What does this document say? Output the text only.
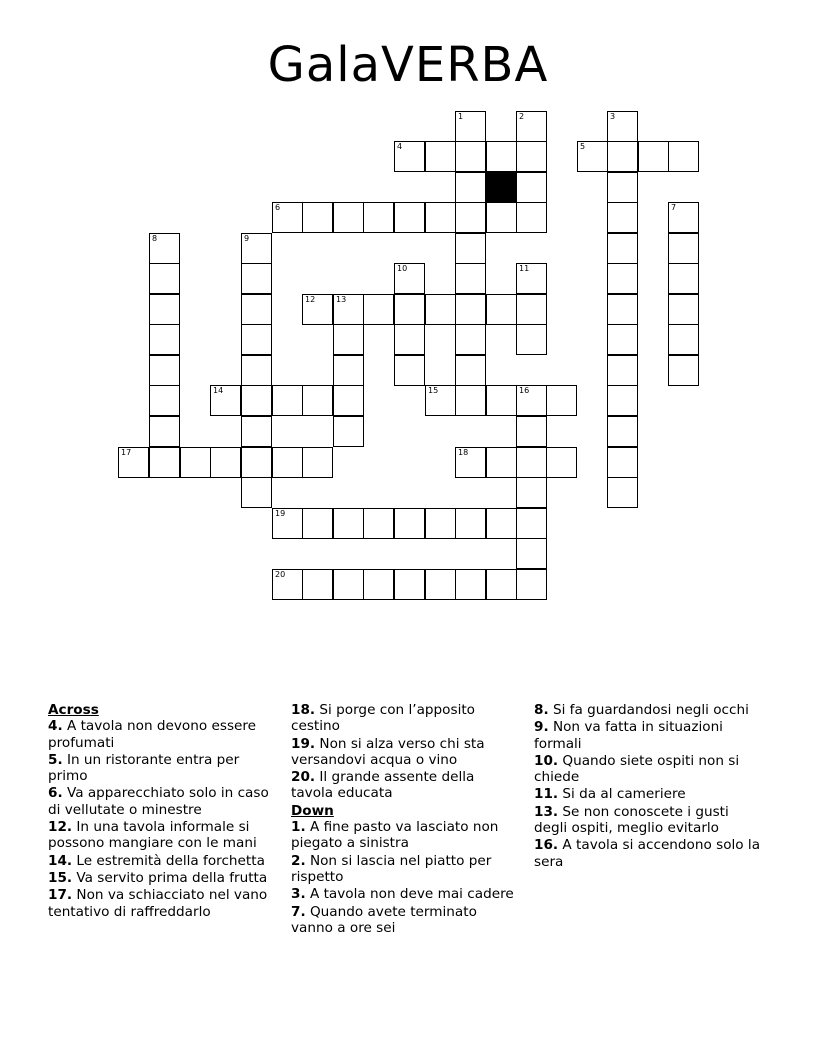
GalaVERBA
1	2	3
4	5
6	7
8	9
10	11
12	13
14	15	16
17	18
19
20
Across
4. A tavola non devono essere profumati
5. In un ristorante entra per primo
6. Va apparecchiato solo in caso di vellutate o minestre
12. In una tavola informale si possono mangiare con le mani
14. Le estremità della forchetta
15. Va servito prima della frutta
17. Non va schiacciato nel vano tentativo di raffreddarlo
18. Si porge con l’apposito cestino
19. Non si alza verso chi sta versandovi acqua o vino
20. Il grande assente della tavola educata
Down
1. A fine pasto va lasciato non piegato a sinistra
2. Non si lascia nel piatto per rispetto
3. A tavola non deve mai cadere
7. Quando avete terminato vanno a ore sei
8. Si fa guardandosi negli occhi
9. Non va fatta in situazioni formali
10. Quando siete ospiti non si chiede
11. Si da al cameriere
13. Se non conoscete i gusti degli ospiti, meglio evitarlo
16. A tavola si accendono solo la sera
